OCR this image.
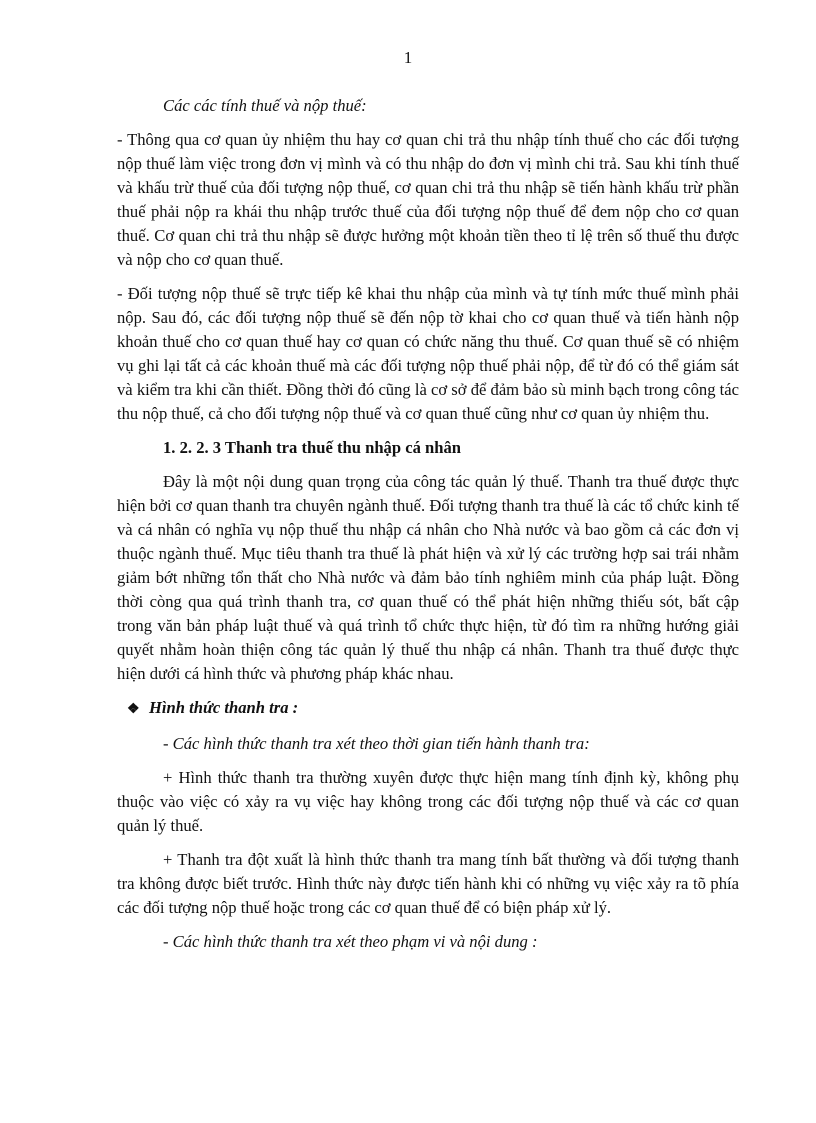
1

Các các tính thuế và nộp thuế:

- Thông qua cơ quan ủy nhiệm thu hay cơ quan chi trả thu nhập tính thuế cho các đối tượng nộp thuế làm việc trong đơn vị mình và có thu nhập do đơn vị mình chi trả. Sau khi tính thuế và khấu trừ thuế của đối tượng nộp thuế, cơ quan chi trả thu nhập sẽ tiến hành khấu trừ phần thuế phải nộp ra khái thu nhập trước thuế của đối tượng nộp thuế để đem nộp cho cơ quan thuế. Cơ quan chi trả thu nhập sẽ được hưởng một khoản tiền theo tỉ lệ trên số thuế thu được và nộp cho cơ quan thuế.

- Đối tượng nộp thuế sẽ trực tiếp kê khai thu nhập của mình và tự tính mức thuế mình phải nộp. Sau đó, các đối tượng nộp thuế sẽ đến nộp tờ khai cho cơ quan thuế và tiến hành nộp khoản thuế cho cơ quan thuế hay cơ quan có chức năng thu thuế. Cơ quan thuế sẽ có nhiệm vụ ghi lại tất cả các khoản thuế mà các đối tượng nộp thuế phải nộp, để từ đó có thể giám sát và kiểm tra khi cần thiết. Đồng thời đó cũng là cơ sở để đảm bảo sù minh bạch trong công tác thu nộp thuế, cả cho đối tượng nộp thuế và cơ quan thuế cũng như cơ quan ủy nhiệm thu.

1. 2. 2. 3 Thanh tra thuế thu nhập cá nhân

Đây là một nội dung quan trọng của công tác quản lý thuế. Thanh tra thuế được thực hiện bởi cơ quan thanh tra chuyên ngành thuế. Đối tượng thanh tra thuế là các tổ chức kinh tế và cá nhân có nghĩa vụ nộp thuế thu nhập cá nhân cho Nhà nước và bao gồm cả các đơn vị thuộc ngành thuế. Mục tiêu thanh tra thuế là phát hiện và xử lý các trường hợp sai trái nhằm giảm bớt những tổn thất cho Nhà nước và đảm bảo tính nghiêm minh của pháp luật. Đồng thời còng qua quá trình thanh tra, cơ quan thuế có thể phát hiện những thiếu sót, bất cập trong văn bản pháp luật thuế và quá trình tổ chức thực hiện, từ đó tìm ra những hướng giải quyết nhằm hoàn thiện công tác quản lý thuế thu nhập cá nhân. Thanh tra thuế được thực hiện dưới cá hình thức và phương pháp khác nhau.

❖ Hình thức thanh tra :

- Các hình thức thanh tra xét theo thời gian tiến hành thanh tra:

+ Hình thức thanh tra thường xuyên được thực hiện mang tính định kỳ, không phụ thuộc vào việc có xảy ra vụ việc hay không trong các đối tượng nộp thuế và các cơ quan quản lý thuế.

+ Thanh tra đột xuất là hình thức thanh tra mang tính bất thường và đối tượng thanh tra không được biết trước. Hình thức này được tiến hành khi có những vụ việc xảy ra tõ phía các đối tượng nộp thuế hoặc trong các cơ quan thuế để có biện pháp xử lý.

- Các hình thức thanh tra xét theo phạm vi và nội dung :
